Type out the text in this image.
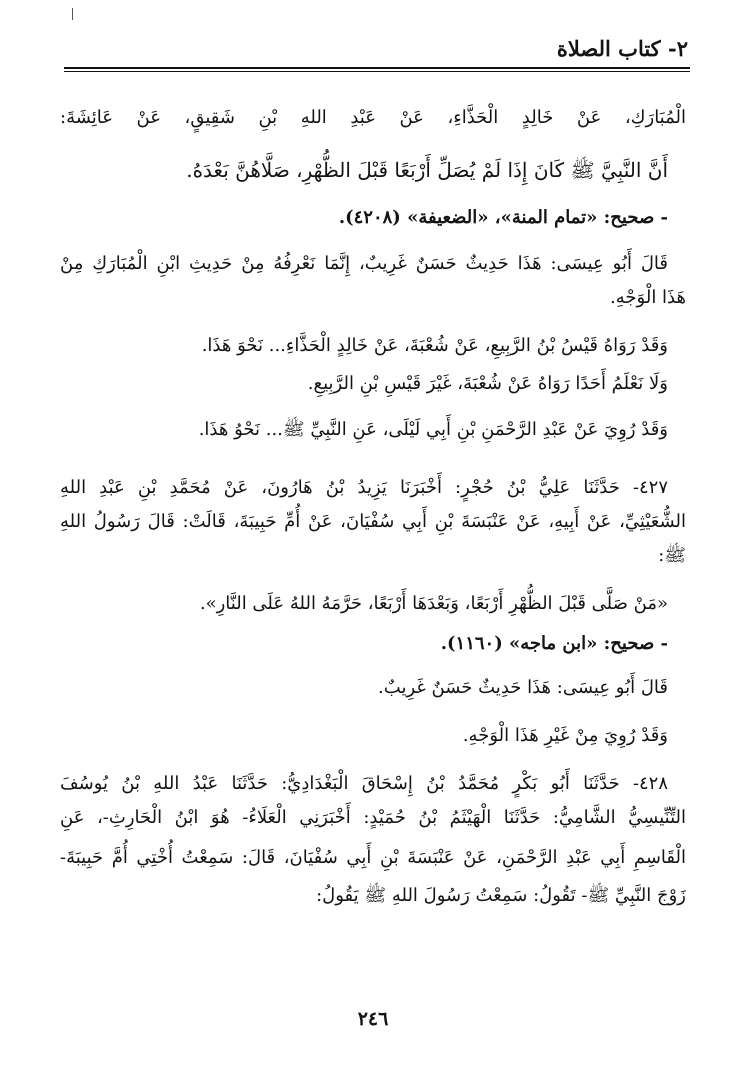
٢- كتاب الصلاة
الْمُبَارَكِ، عَنْ خَالِدٍ الْحَذَّاءِ، عَنْ عَبْدِ اللهِ بْنِ شَقِيقٍ، عَنْ عَائِشَةَ:
أَنَّ النَّبِيَّ ﷺ كَانَ إِذَا لَمْ يُصَلِّ أَرْبَعًا قَبْلَ الظُّهْرِ، صَلَّاهُنَّ بَعْدَهُ.
- صحيح: «تمام المنة»، «الضعيفة» (٤٢٠٨).
قَالَ أَبُو عِيسَى: هَذَا حَدِيثٌ حَسَنٌ غَرِيبٌ، إِنَّمَا نَعْرِفُهُ مِنْ حَدِيثِ ابْنِ الْمُبَارَكِ مِنْ
هَذَا الْوَجْهِ.
وَقَدْ رَوَاهُ قَيْسُ بْنُ الرَّبِيعِ، عَنْ شُعْبَةَ، عَنْ خَالِدٍ الْحَذَّاءِ... نَحْوَ هَذَا.
وَلَا نَعْلَمُ أَحَدًا رَوَاهُ عَنْ شُعْبَةَ، غَيْرَ قَيْسِ بْنِ الرَّبِيعِ.
وَقَدْ رُوِيَ عَنْ عَبْدِ الرَّحْمَنِ بْنِ أَبِي لَيْلَى، عَنِ النَّبِيِّ ﷺ... نَحْوُ هَذَا.
٤٢٧- حَدَّثَنَا عَلِيُّ بْنُ حُجْرٍ: أَخْبَرَنَا يَزِيدُ بْنُ هَارُونَ، عَنْ مُحَمَّدِ بْنِ عَبْدِ اللهِ
الشُّعَيْثِيِّ، عَنْ أَبِيهِ، عَنْ عَنْبَسَةَ بْنِ أَبِي سُفْيَانَ، عَنْ أُمِّ حَبِيبَةَ، قَالَتْ: قَالَ رَسُولُ اللهِ
ﷺ:
«مَنْ صَلَّى قَبْلَ الظُّهْرِ أَرْبَعًا، وَبَعْدَهَا أَرْبَعًا، حَرَّمَهُ اللهُ عَلَى النَّارِ».
- صحيح: «ابن ماجه» (١١٦٠).
قَالَ أَبُو عِيسَى: هَذَا حَدِيثٌ حَسَنٌ غَرِيبٌ.
وَقَدْ رُوِيَ مِنْ غَيْرِ هَذَا الْوَجْهِ.
٤٢٨- حَدَّثَنَا أَبُو بَكْرٍ مُحَمَّدُ بْنُ إِسْحَاقَ الْبَغْدَادِيُّ: حَدَّثَنَا عَبْدُ اللهِ بْنُ يُوسُفَ
التِّنِّيسِيُّ الشَّامِيُّ: حَدَّثَنَا الْهَيْثَمُ بْنُ حُمَيْدٍ: أَخْبَرَنِي الْعَلَاءُ- هُوَ ابْنُ الْحَارِثِ-، عَنِ
الْقَاسِمِ أَبِي عَبْدِ الرَّحْمَنِ، عَنْ عَنْبَسَةَ بْنِ أَبِي سُفْيَانَ، قَالَ: سَمِعْتُ أُخْتِي أُمَّ حَبِيبَةَ-
زَوْجَ النَّبِيِّ ﷺ- تَقُولُ: سَمِعْتُ رَسُولَ اللهِ ﷺ يَقُولُ:
٢٤٦
